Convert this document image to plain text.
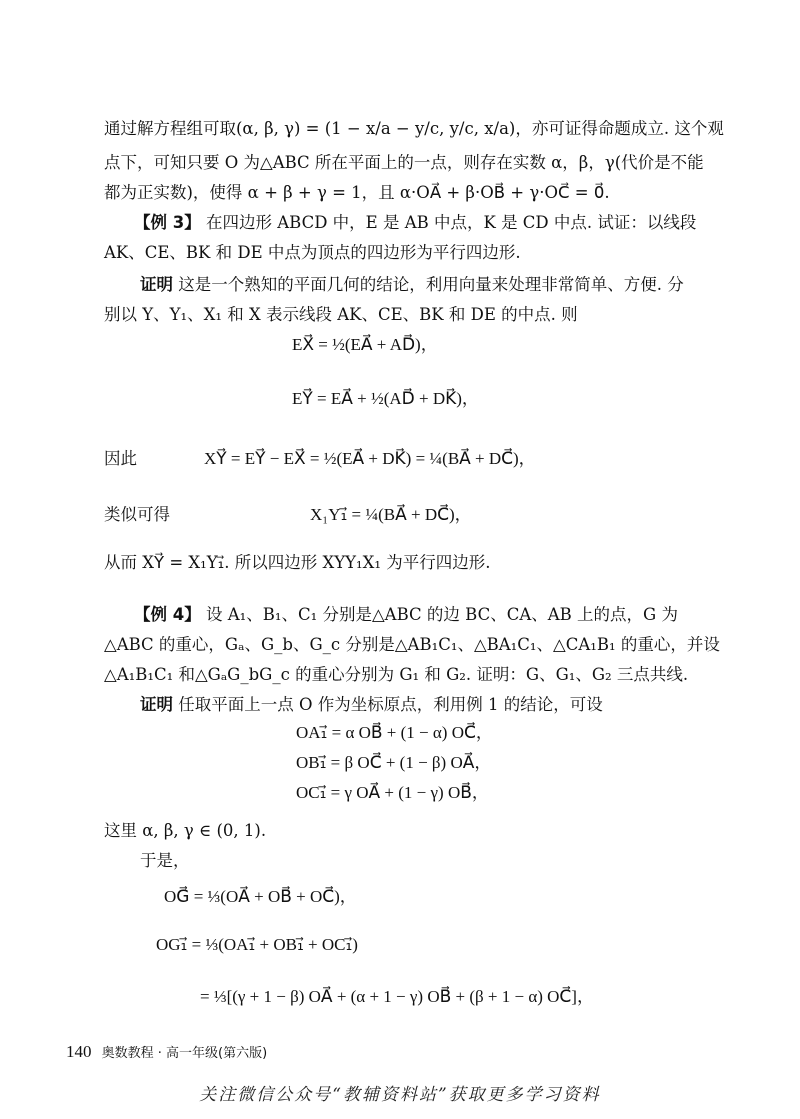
通过解方程组可取(α, β, γ) = (1 − x/a − y/c, y/c, x/a)，亦可证得命题成立. 这个观
点下，可知只要 O 为△ABC 所在平面上的一点，则存在实数 α，β，γ(代价是不能
都为正实数)，使得 α + β + γ = 1，且 α·OA⃗ + β·OB⃗ + γ·OC⃗ = 0⃗.
【例 3】 在四边形 ABCD 中，E 是 AB 中点，K 是 CD 中点. 试证：以线段
AK、CE、BK 和 DE 中点为顶点的四边形为平行四边形.
证明 这是一个熟知的平面几何的结论，利用向量来处理非常简单、方便. 分
别以 Y、Y₁、X₁ 和 X 表示线段 AK、CE、BK 和 DE 的中点. 则
EX⃗ = ½(EA⃗ + AD⃗)，
EY⃗ = EA⃗ + ½(AD⃗ + DK⃗)，
因此	XY⃗ = EY⃗ − EX⃗ = ½(EA⃗ + DK⃗) = ¼(BA⃗ + DC⃗)，
类似可得	X₁Y₁⃗ = ¼(BA⃗ + DC⃗)，
从而 XY⃗ = X₁Y₁⃗. 所以四边形 XYY₁X₁ 为平行四边形.
【例 4】 设 A₁、B₁、C₁ 分别是△ABC 的边 BC、CA、AB 上的点，G 为
△ABC 的重心，Gₐ、G_b、G_c 分别是△AB₁C₁、△BA₁C₁、△CA₁B₁ 的重心，并设
△A₁B₁C₁ 和△GₐG_bG_c 的重心分别为 G₁ 和 G₂. 证明：G、G₁、G₂ 三点共线.
证明 任取平面上一点 O 作为坐标原点，利用例 1 的结论，可设
OA₁⃗ = α OB⃗ + (1 − α) OC⃗，
OB₁⃗ = β OC⃗ + (1 − β) OA⃗，
OC₁⃗ = γ OA⃗ + (1 − γ) OB⃗，
这里 α, β, γ ∈ (0, 1).
于是，
OG⃗ = ⅓(OA⃗ + OB⃗ + OC⃗)，
OG₁⃗ = ⅓(OA₁⃗ + OB₁⃗ + OC₁⃗)
= ⅓[(γ + 1 − β) OA⃗ + (α + 1 − γ) OB⃗ + (β + 1 − α) OC⃗]，
140 奥数教程 · 高一年级(第六版)
关注微信公众号“教辅资料站”获取更多学习资料
